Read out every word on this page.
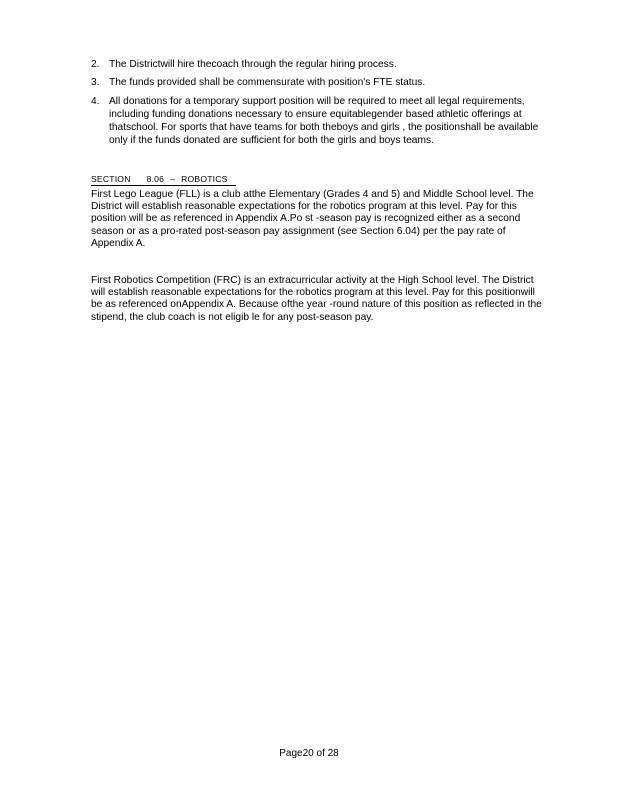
2. The Districtwill hire thecoach through the regular hiring process.
3. The funds provided shall be commensurate with position's FTE status.
4. All donations for a temporary support position will be required to meet all legal requirements, including funding donations necessary to ensure equitablegender based athletic offerings at thatschool. For sports that have teams for both theboys and girls , the positionshall be available only if the funds donated are sufficient for both the girls and boys teams.
SECTION 8.06 – ROBOTICS

First Lego League (FLL) is a club atthe Elementary (Grades 4 and 5) and Middle School level. The District will establish reasonable expectations for the robotics program at this level. Pay for this position will be as referenced in Appendix A.Po st -season pay is recognized either as a second season or as a pro-rated post-season pay assignment (see Section 6.04) per the pay rate of Appendix A.

First Robotics Competition (FRC) is an extracurricular activity at the High School level. The District will establish reasonable expectations for the robotics program at this level. Pay for this positionwill be as referenced onAppendix A. Because ofthe year -round nature of this position as reflected in the stipend, the club coach is not eligib le for any post-season pay.

Page20 of 28
